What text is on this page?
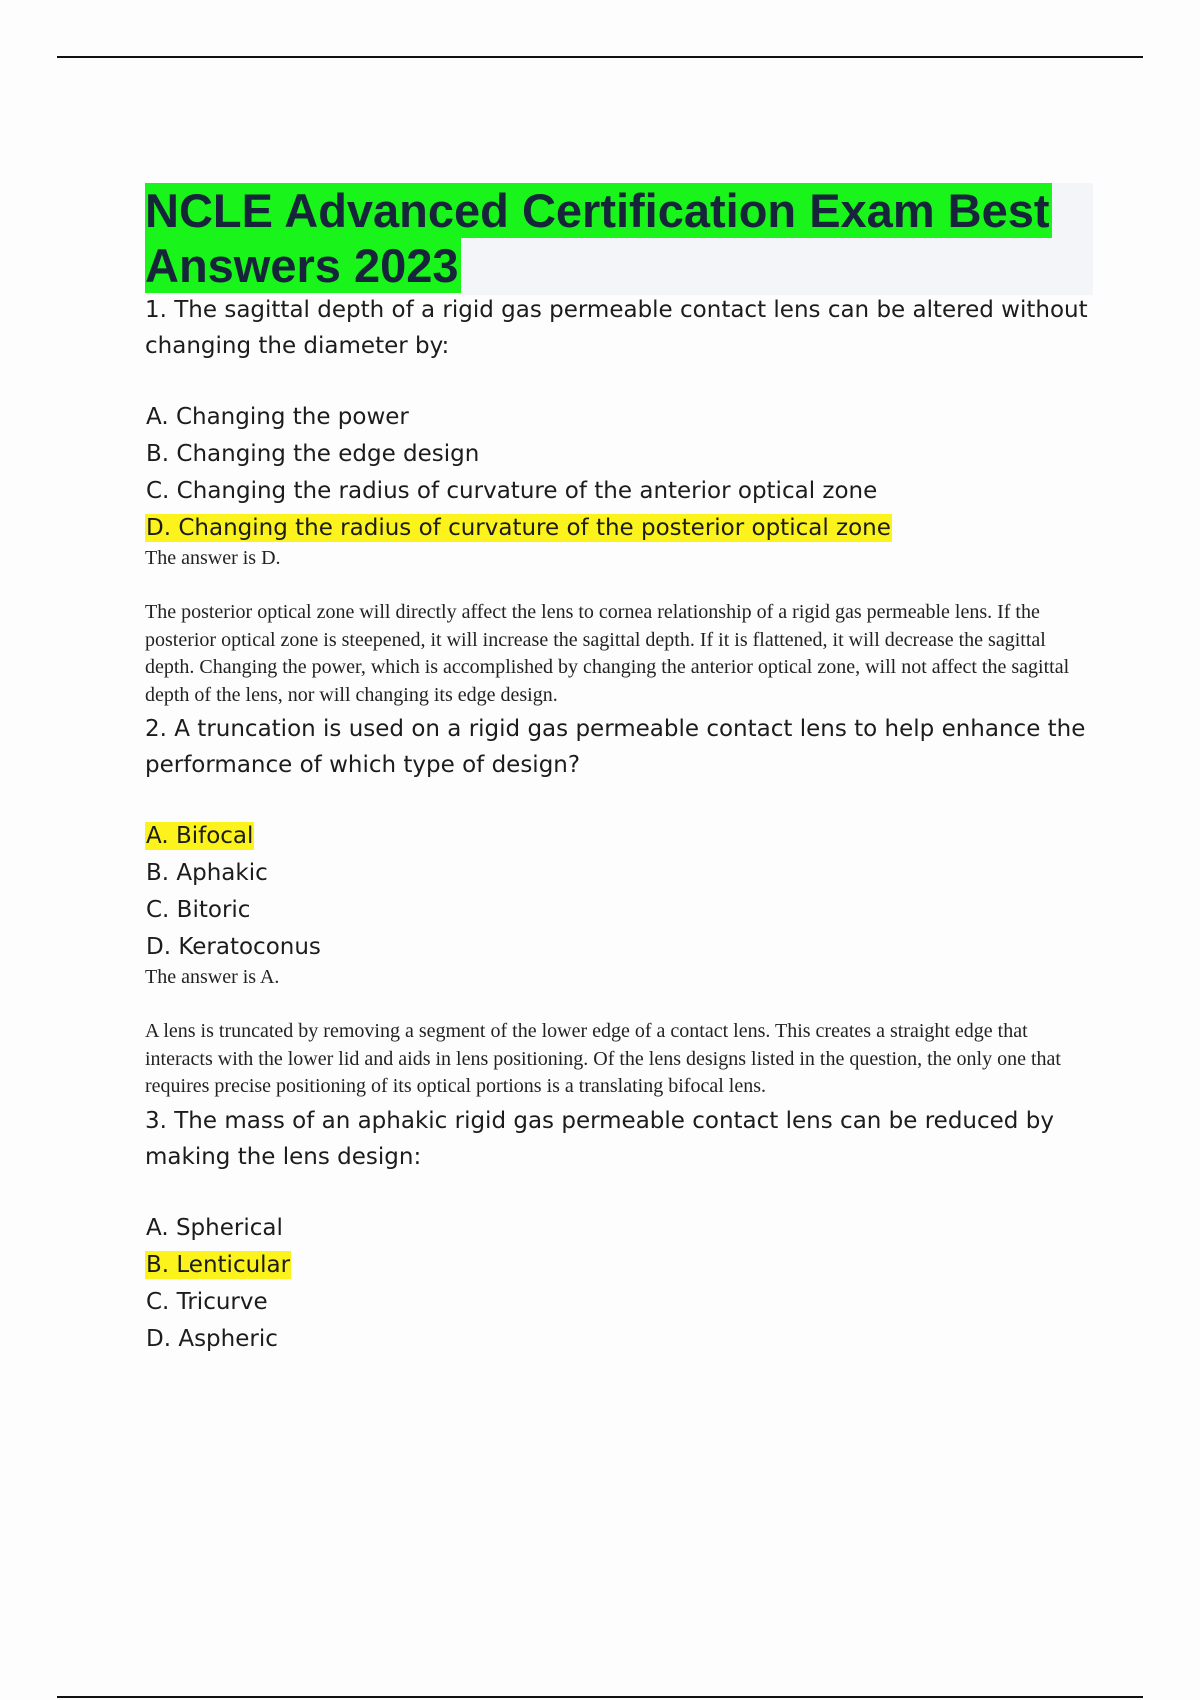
NCLE Advanced Certification Exam Best
Answers 2023

1. The sagittal depth of a rigid gas permeable contact lens can be altered without changing the diameter by:

A. Changing the power
B. Changing the edge design
C. Changing the radius of curvature of the anterior optical zone
D. Changing the radius of curvature of the posterior optical zone

The answer is D.

The posterior optical zone will directly affect the lens to cornea relationship of a rigid gas permeable lens. If the posterior optical zone is steepened, it will increase the sagittal depth. If it is flattened, it will decrease the sagittal depth. Changing the power, which is accomplished by changing the anterior optical zone, will not affect the sagittal depth of the lens, nor will changing its edge design.

2. A truncation is used on a rigid gas permeable contact lens to help enhance the performance of which type of design?

A. Bifocal
B. Aphakic
C. Bitoric
D. Keratoconus

The answer is A.

A lens is truncated by removing a segment of the lower edge of a contact lens. This creates a straight edge that interacts with the lower lid and aids in lens positioning. Of the lens designs listed in the question, the only one that requires precise positioning of its optical portions is a translating bifocal lens.

3. The mass of an aphakic rigid gas permeable contact lens can be reduced by making the lens design:

A. Spherical
B. Lenticular
C. Tricurve
D. Aspheric
